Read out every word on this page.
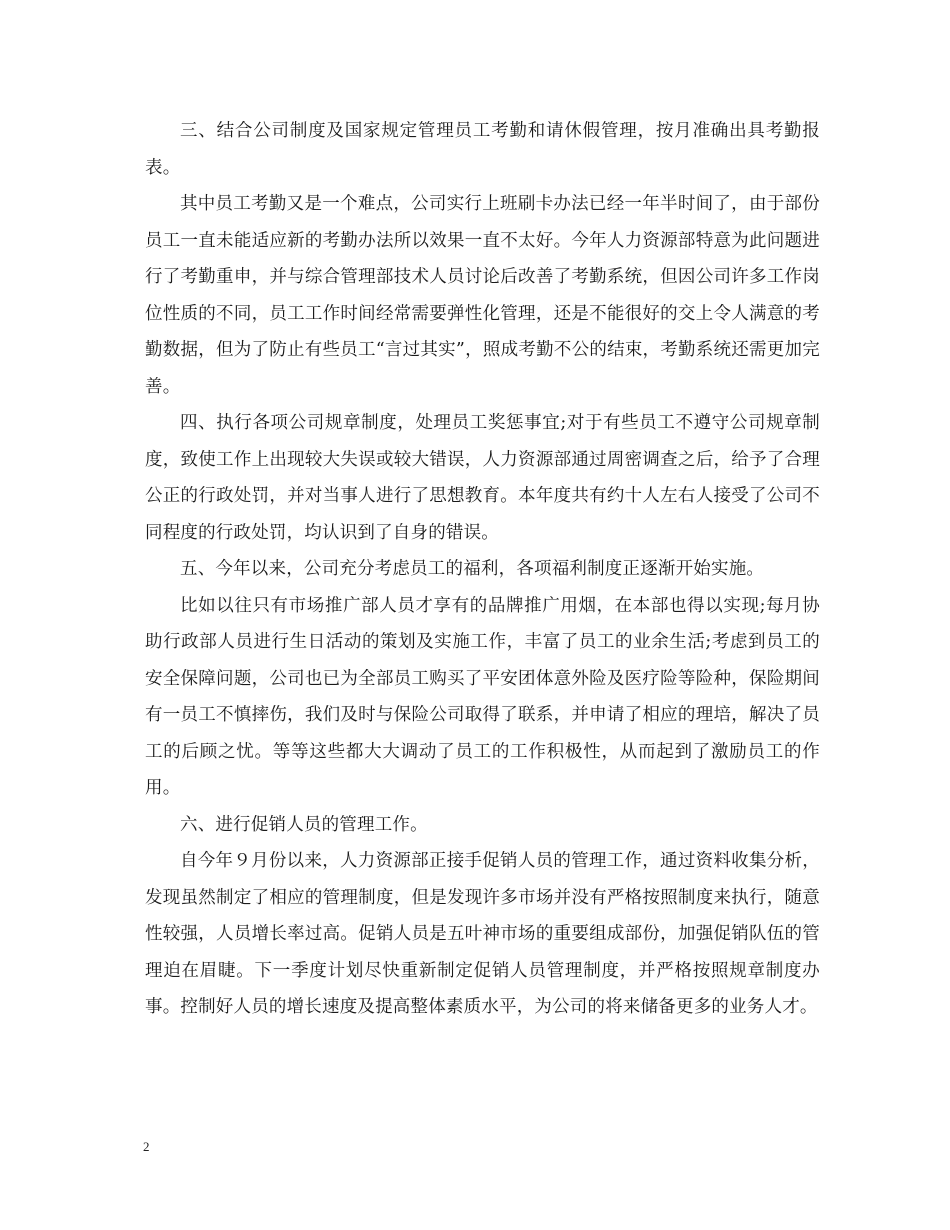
三、结合公司制度及国家规定管理员工考勤和请休假管理，按月准确出具考勤报表。

其中员工考勤又是一个难点，公司实行上班刷卡办法已经一年半时间了，由于部份员工一直未能适应新的考勤办法所以效果一直不太好。今年人力资源部特意为此问题进行了考勤重申，并与综合管理部技术人员讨论后改善了考勤系统，但因公司许多工作岗位性质的不同，员工工作时间经常需要弹性化管理，还是不能很好的交上令人满意的考勤数据，但为了防止有些员工“言过其实”，照成考勤不公的结束，考勤系统还需更加完善。

四、执行各项公司规章制度，处理员工奖惩事宜;对于有些员工不遵守公司规章制度，致使工作上出现较大失误或较大错误，人力资源部通过周密调查之后，给予了合理公正的行政处罚，并对当事人进行了思想教育。本年度共有约十人左右人接受了公司不同程度的行政处罚，均认识到了自身的错误。

五、今年以来，公司充分考虑员工的福利，各项福利制度正逐渐开始实施。

比如以往只有市场推广部人员才享有的品牌推广用烟，在本部也得以实现;每月协助行政部人员进行生日活动的策划及实施工作，丰富了员工的业余生活;考虑到员工的安全保障问题，公司也已为全部员工购买了平安团体意外险及医疗险等险种，保险期间有一员工不慎摔伤，我们及时与保险公司取得了联系，并申请了相应的理培，解决了员工的后顾之忧。等等这些都大大调动了员工的工作积极性，从而起到了激励员工的作用。

六、进行促销人员的管理工作。

自今年９月份以来，人力资源部正接手促销人员的管理工作，通过资料收集分析，发现虽然制定了相应的管理制度，但是发现许多市场并没有严格按照制度来执行，随意性较强，人员增长率过高。促销人员是五叶神市场的重要组成部份，加强促销队伍的管理迫在眉睫。下一季度计划尽快重新制定促销人员管理制度，并严格按照规章制度办事。控制好人员的增长速度及提高整体素质水平，为公司的将来储备更多的业务人才。

2
